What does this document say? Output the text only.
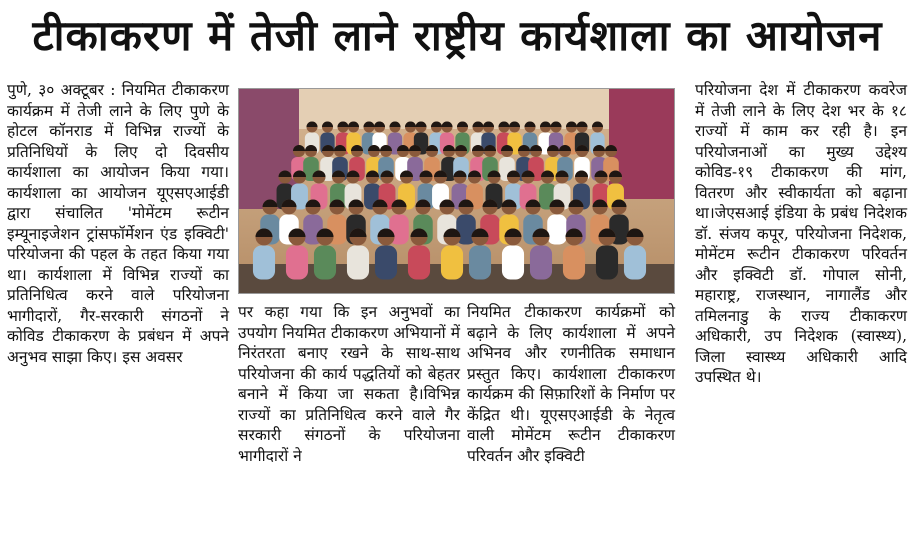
टीकाकरण में तेजी लाने राष्ट्रीय कार्यशाला का आयोजन
पुणे, ३० अक्टूबर : नियमित टीकाकरण कार्यक्रम में तेजी लाने के लिए पुणे के होटल कॉनराड में विभिन्न राज्यों के प्रतिनिधियों के लिए दो दिवसीय कार्यशाला का आयोजन किया गया। कार्यशाला का आयोजन यूएसएआईडी द्वारा संचालित 'मोमेंटम रूटीन इम्यूनाइजेशन ट्रांसफॉर्मेशन एंड इक्विटी' परियोजना की पहल के तहत किया गया था। कार्यशाला में विभिन्न राज्यों का प्रतिनिधित्व करने वाले परियोजना भागीदारों, गैर-सरकारी संगठनों ने कोविड टीकाकरण के प्रबंधन में अपने अनुभव साझा किए। इस अवसर
पर कहा गया कि इन अनुभवों का उपयोग नियमित टीकाकरण अभियानों में निरंतरता बनाए रखने के साथ-साथ परियोजना की कार्य पद्धतियों को बेहतर बनाने में किया जा सकता है।विभिन्न राज्यों का प्रतिनिधित्व करने वाले गैर सरकारी संगठनों के परियोजना भागीदारों ने
नियमित टीकाकरण कार्यक्रमों को बढ़ाने के लिए कार्यशाला में अपने अभिनव और रणनीतिक समाधान प्रस्तुत किए। कार्यशाला टीकाकरण कार्यक्रम की सिफ़ारिशों के निर्माण पर केंद्रित थी। यूएसएआईडी के नेतृत्व वाली मोमेंटम रूटीन टीकाकरण परिवर्तन और इक्विटी
परियोजना देश में टीकाकरण कवरेज में तेजी लाने के लिए देश भर के १८ राज्यों में काम कर रही है। इन परियोजनाओं का मुख्य उद्देश्य कोविड-१९ टीकाकरण की मांग, वितरण और स्वीकार्यता को बढ़ाना था।जेएसआई इंडिया के प्रबंध निदेशक डॉ. संजय कपूर, परियोजना निदेशक, मोमेंटम रूटीन टीकाकरण परिवर्तन और इक्विटी डॉ. गोपाल सोनी, महाराष्ट्र, राजस्थान, नागालैंड और तमिलनाडु के राज्य टीकाकरण अधिकारी, उप निदेशक (स्वास्थ्य), जिला स्वास्थ्य अधिकारी आदि उपस्थित थे।
